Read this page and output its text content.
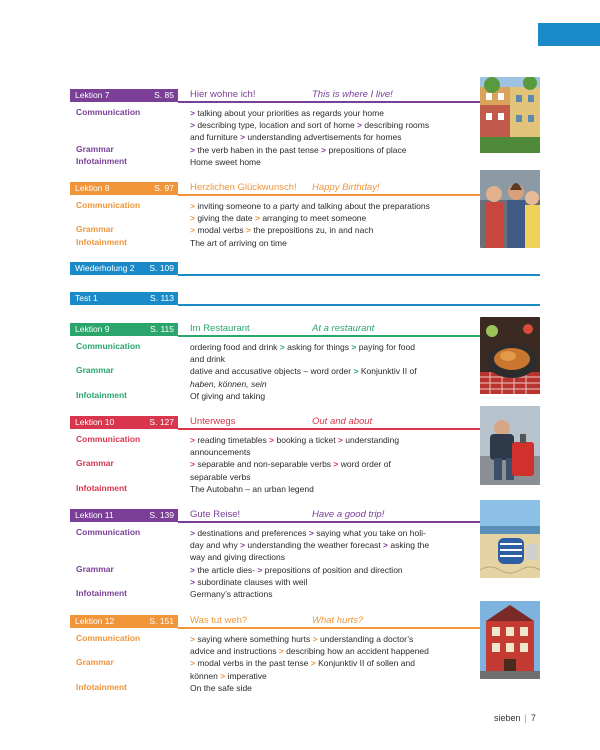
Lektion 7	S. 85 Hier wohne ich!	This is where I live!
Communication	> talking about your priorities as regards your home
> describing type, location and sort of home > describing rooms
and furniture > understanding advertisements for homes
Grammar	> the verb haben in the past tense > prepositions of place
Infotainment	Home sweet home
Lektion 8	S. 97 Herzlichen Glückwunsch! Happy Birthday!
Communication	> inviting someone to a party and talking about the preparations
> giving the date > arranging to meet someone
Grammar	> modal verbs > the prepositions zu, in and nach
Infotainment	The art of arriving on time
Wiederholung 2 S. 109
Test 1	S. 113
Lektion 9	S. 115 Im Restaurant	At a restaurant
Communication	ordering food and drink > asking for things > paying for food
and drink
Grammar	dative and accusative objects – word order > Konjunktiv II of
haben, können, sein
Infotainment	Of giving and taking
Lektion 10	S. 127 Unterwegs	Out and about
Communication	> reading timetables > booking a ticket > understanding
announcements
Grammar	> separable and non-separable verbs > word order of
separable verbs
Infotainment	The Autobahn – an urban legend
Lektion 11	S. 139 Gute Reise!	Have a good trip!
Communication	> destinations and preferences > saying what you take on holi-
day and why > understanding the weather forecast > asking the
way and giving directions
Grammar	> the article dies- > prepositions of position and direction
> subordinate clauses with weil
Infotainment	Germany’s attractions
Lektion 12	S. 151 Was tut weh?	What hurts?
Communication	> saying where something hurts > understanding a doctor’s
advice and instructions > describing how an accident happened
Grammar	> modal verbs in the past tense > Konjunktiv II of sollen and
können > imperative
Infotainment	On the safe side
sieben | 7
